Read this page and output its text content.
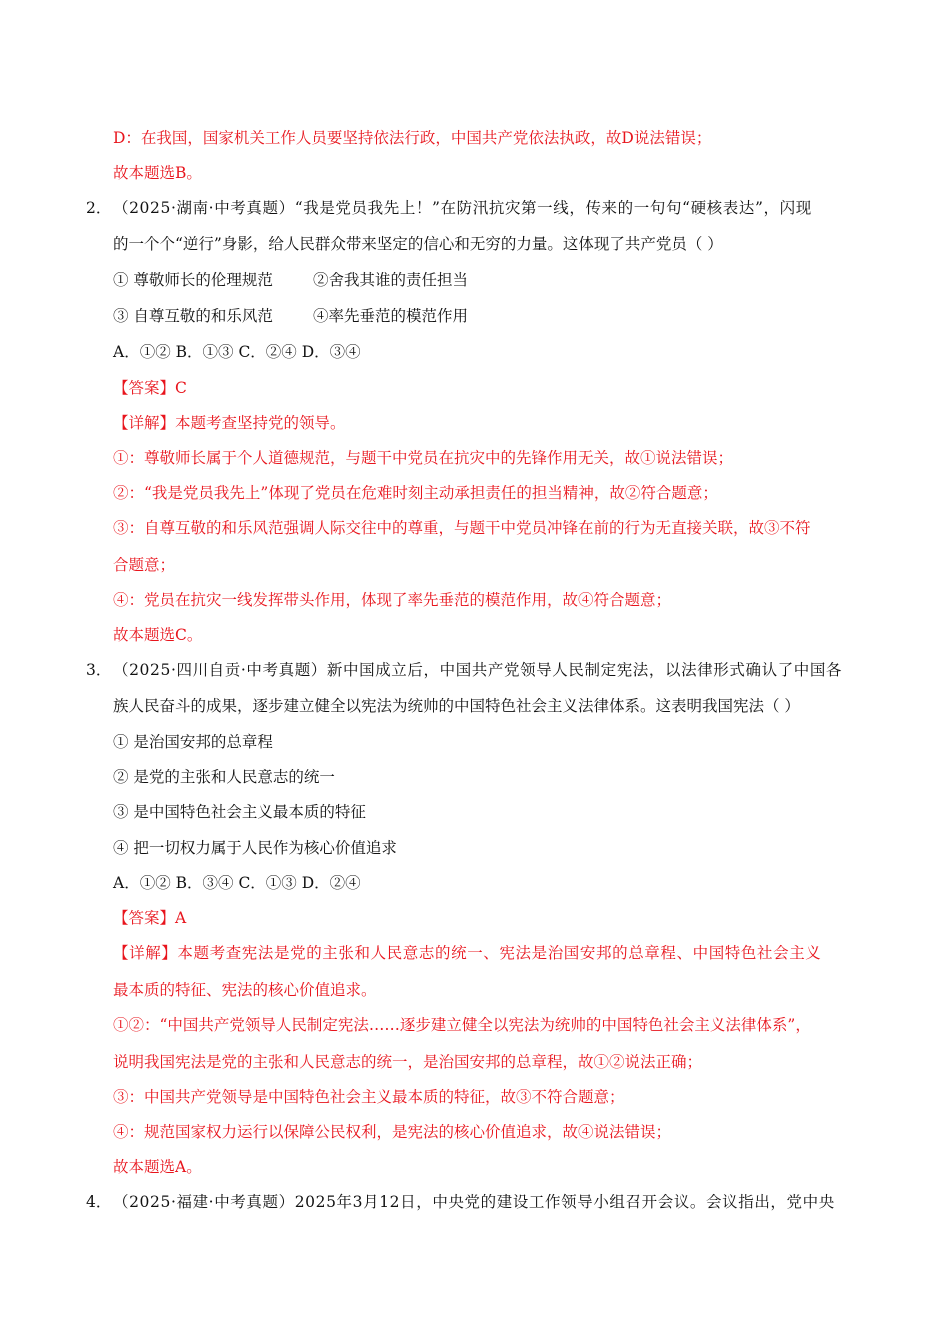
D：在我国，国家机关工作人员要坚持依法行政，中国共产党依法执政，故D说法错误；
故本题选B。
2． （2025·湖南·中考真题）“我是党员我先上！”在防汛抗灾第一线，传来的一句句“硬核表达”，闪现
的一个个“逆行”身影，给人民群众带来坚定的信心和无穷的力量。这体现了共产党员（ ）
① 尊敬师长的伦理规范	②舍我其谁的责任担当
③ 自尊互敬的和乐风范	④率先垂范的模范作用
A．①② B．①③ C．②④ D．③④
【答案】C
【详解】本题考查坚持党的领导。
①：尊敬师长属于个人道德规范，与题干中党员在抗灾中的先锋作用无关，故①说法错误；
②：“我是党员我先上”体现了党员在危难时刻主动承担责任的担当精神，故②符合题意；
③：自尊互敬的和乐风范强调人际交往中的尊重，与题干中党员冲锋在前的行为无直接关联，故③不符
合题意；
④：党员在抗灾一线发挥带头作用，体现了率先垂范的模范作用，故④符合题意；
故本题选C。
3． （2025·四川自贡·中考真题）新中国成立后，中国共产党领导人民制定宪法，以法律形式确认了中国各
族人民奋斗的成果，逐步建立健全以宪法为统帅的中国特色社会主义法律体系。这表明我国宪法（ ）
① 是治国安邦的总章程
② 是党的主张和人民意志的统一
③ 是中国特色社会主义最本质的特征
④ 把一切权力属于人民作为核心价值追求
A．①② B．③④ C．①③ D．②④
【答案】A
【详解】本题考查宪法是党的主张和人民意志的统一、宪法是治国安邦的总章程、中国特色社会主义
最本质的特征、宪法的核心价值追求。
①②：“中国共产党领导人民制定宪法……逐步建立健全以宪法为统帅的中国特色社会主义法律体系”，
说明我国宪法是党的主张和人民意志的统一，是治国安邦的总章程，故①②说法正确；
③：中国共产党领导是中国特色社会主义最本质的特征，故③不符合题意；
④：规范国家权力运行以保障公民权利，是宪法的核心价值追求，故④说法错误；
故本题选A。
4． （2025·福建·中考真题）2025年3月12日，中央党的建设工作领导小组召开会议。会议指出，党中央
